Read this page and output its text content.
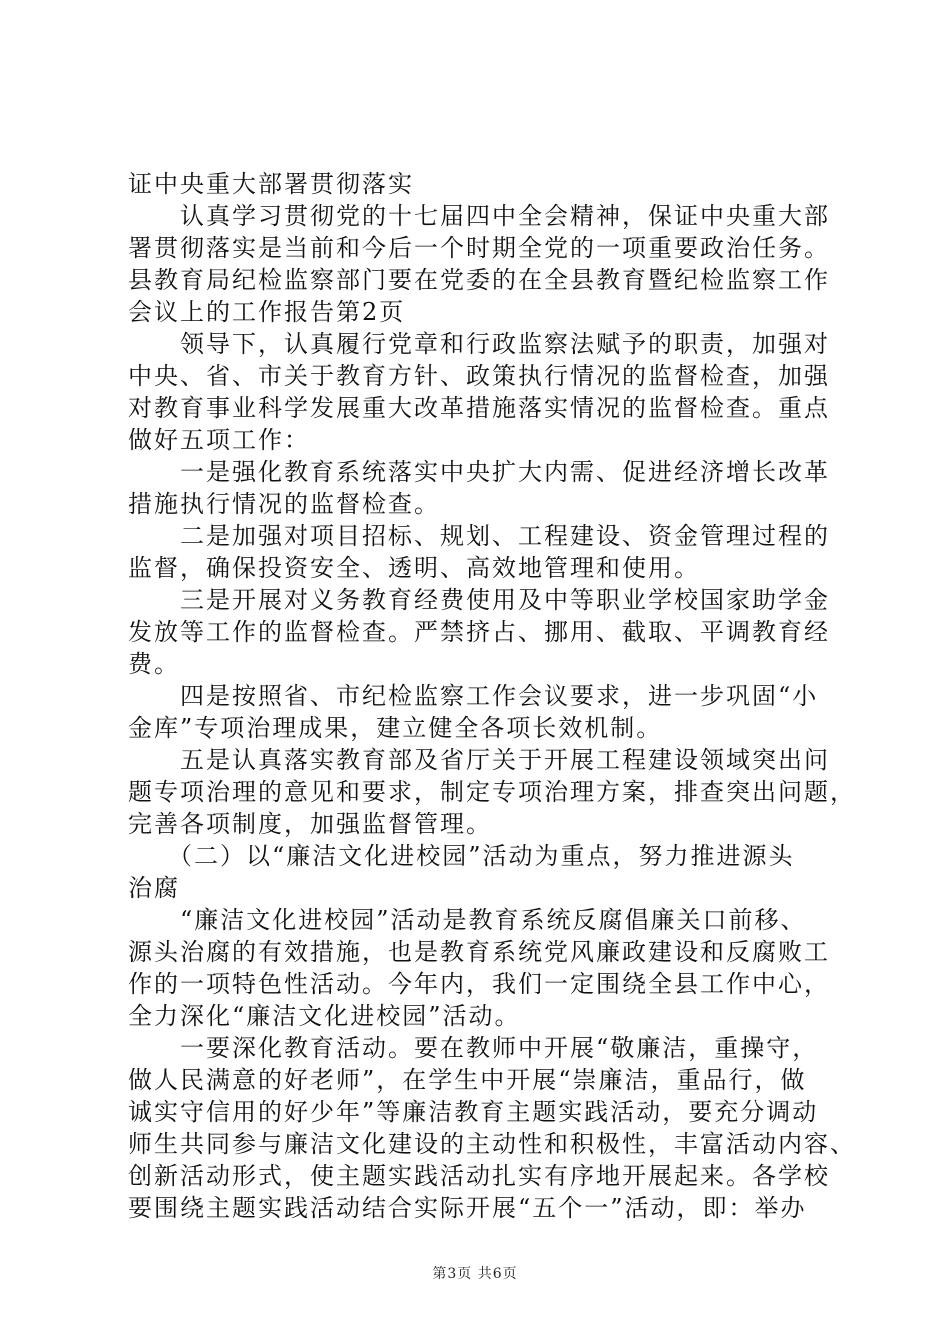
证中央重大部署贯彻落实
　　认真学习贯彻党的十七届四中全会精神，保证中央重大部
署贯彻落实是当前和今后一个时期全党的一项重要政治任务。
县教育局纪检监察部门要在党委的在全县教育暨纪检监察工作
会议上的工作报告第2页
　　领导下，认真履行党章和行政监察法赋予的职责，加强对
中央、省、市关于教育方针、政策执行情况的监督检查，加强
对教育事业科学发展重大改革措施落实情况的监督检查。重点
做好五项工作：
　　一是强化教育系统落实中央扩大内需、促进经济增长改革
措施执行情况的监督检查。
　　二是加强对项目招标、规划、工程建设、资金管理过程的
监督，确保投资安全、透明、高效地管理和使用。
　　三是开展对义务教育经费使用及中等职业学校国家助学金
发放等工作的监督检查。严禁挤占、挪用、截取、平调教育经
费。
　　四是按照省、市纪检监察工作会议要求，进一步巩固“小
金库”专项治理成果，建立健全各项长效机制。
　　五是认真落实教育部及省厅关于开展工程建设领域突出问
题专项治理的意见和要求，制定专项治理方案，排查突出问题，
完善各项制度，加强监督管理。
　　（二）以“廉洁文化进校园”活动为重点，努力推进源头
治腐
　　“廉洁文化进校园”活动是教育系统反腐倡廉关口前移、
源头治腐的有效措施，也是教育系统党风廉政建设和反腐败工
作的一项特色性活动。今年内，我们一定围绕全县工作中心，
全力深化“廉洁文化进校园”活动。
　　一要深化教育活动。要在教师中开展“敬廉洁，重操守，
做人民满意的好老师”，在学生中开展“崇廉洁，重品行，做
诚实守信用的好少年”等廉洁教育主题实践活动，要充分调动
师生共同参与廉洁文化建设的主动性和积极性，丰富活动内容、
创新活动形式，使主题实践活动扎实有序地开展起来。各学校
要围绕主题实践活动结合实际开展“五个一”活动，即：举办
第3页 共6页
